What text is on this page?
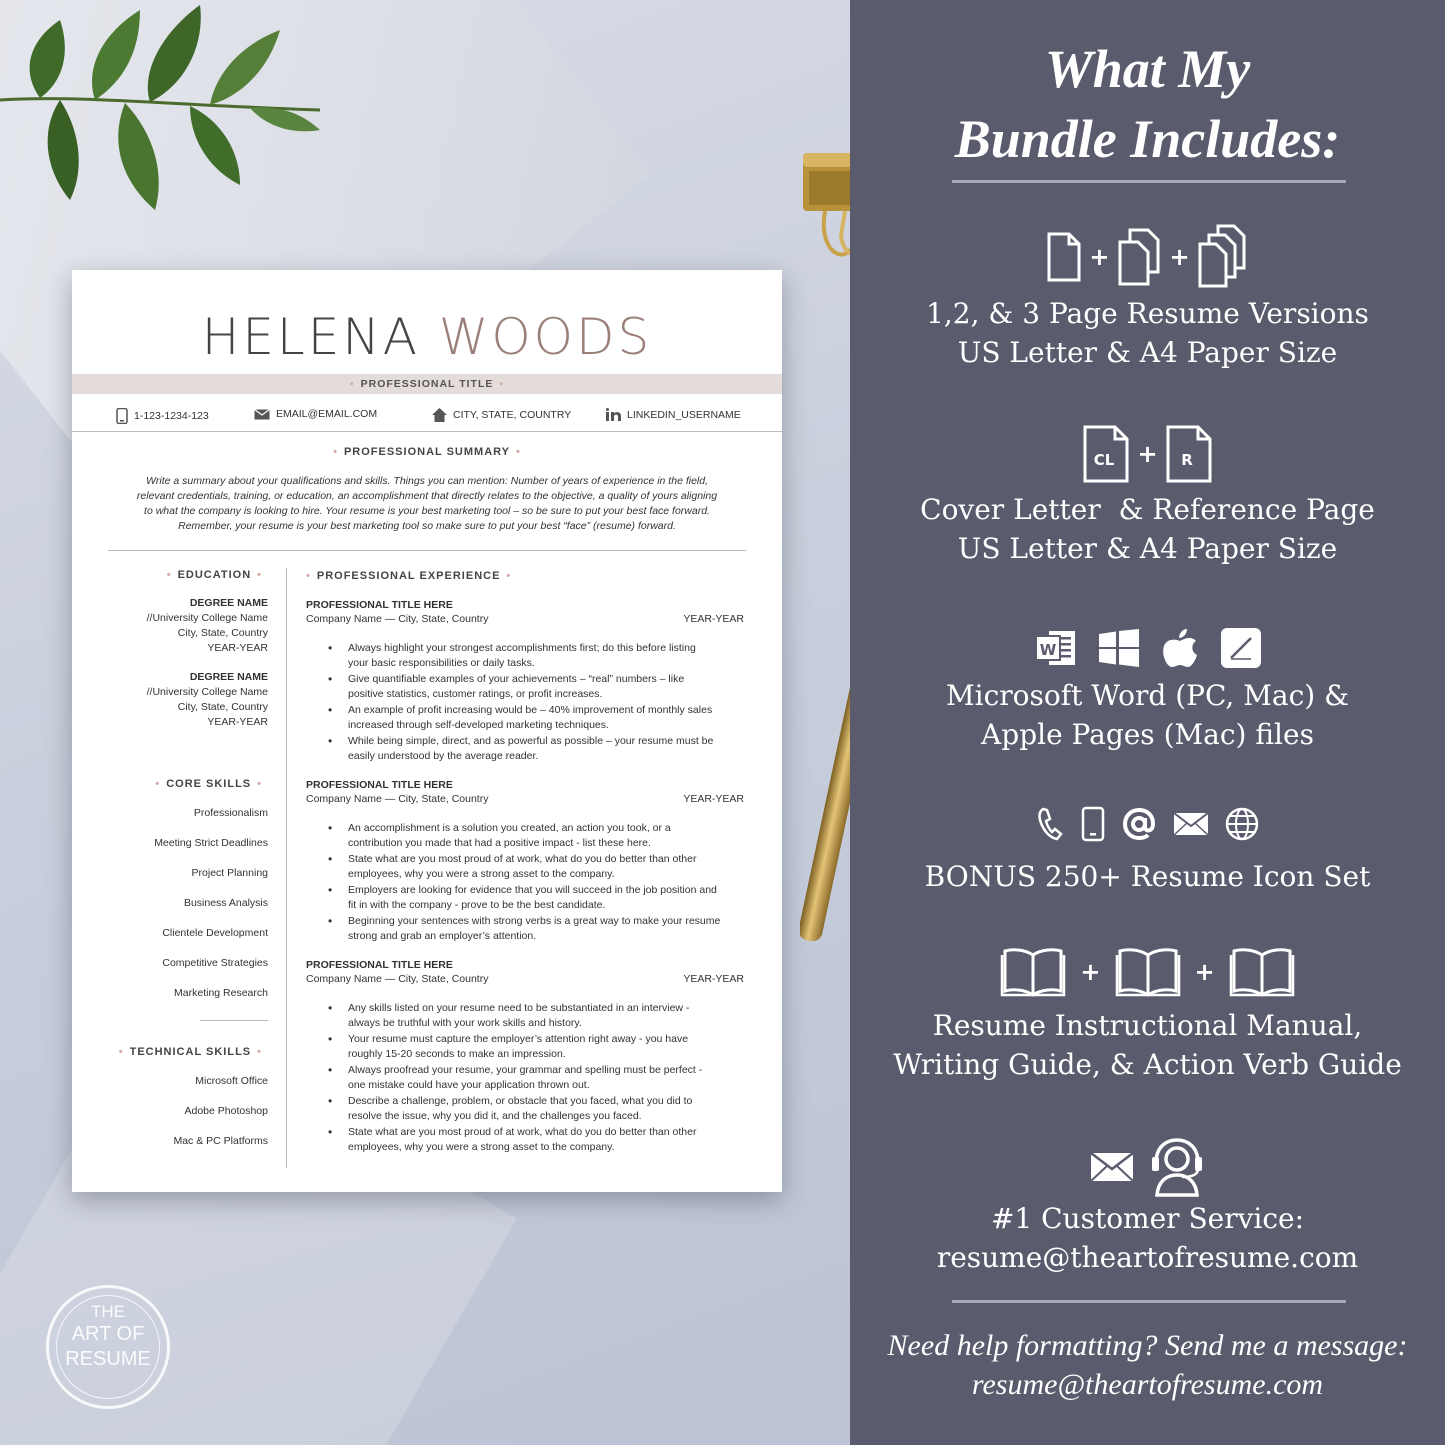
HELENA WOODS
• PROFESSIONAL TITLE •
1-123-1234-123	EMAIL@EMAIL.COM	CITY, STATE, COUNTRY	LINKEDIN_USERNAME
• PROFESSIONAL SUMMARY •
Write a summary about your qualifications and skills. Things you can mention: Number of years of experience in the field,
relevant credentials, training, or education, an accomplishment that directly relates to the objective, a quality of yours aligning
to what the company is looking to hire. Your resume is your best marketing tool – so be sure to put your best face forward.
Remember, your resume is your best marketing tool so make sure to put your best “face” (resume) forward.
• EDUCATION •
DEGREE NAME
//University College Name
City, State, Country
YEAR-YEAR
DEGREE NAME
//University College Name
City, State, Country
YEAR-YEAR
• CORE SKILLS •
Professionalism
Meeting Strict Deadlines
Project Planning
Business Analysis
Clientele Development
Competitive Strategies
Marketing Research
• TECHNICAL SKILLS •
Microsoft Office
Adobe Photoshop
Mac & PC Platforms
• PROFESSIONAL EXPERIENCE •
PROFESSIONAL TITLE HERE
Company Name — City, State, Country	YEAR-YEAR
• Always highlight your strongest accomplishments first; do this before listing
your basic responsibilities or daily tasks.
• Give quantifiable examples of your achievements – “real” numbers – like
positive statistics, customer ratings, or profit increases.
• An example of profit increasing would be – 40% improvement of monthly sales
increased through self-developed marketing techniques.
• While being simple, direct, and as powerful as possible – your resume must be
easily understood by the average reader.
PROFESSIONAL TITLE HERE
Company Name — City, State, Country	YEAR-YEAR
• An accomplishment is a solution you created, an action you took, or a
contribution you made that had a positive impact - list these here.
• State what are you most proud of at work, what do you do better than other
employees, why you were a strong asset to the company.
• Employers are looking for evidence that you will succeed in the job position and
fit in with the company - prove to be the best candidate.
• Beginning your sentences with strong verbs is a great way to make your resume
strong and grab an employer’s attention.
PROFESSIONAL TITLE HERE
Company Name — City, State, Country	YEAR-YEAR
• Any skills listed on your resume need to be substantiated in an interview -
always be truthful with your work skills and history.
• Your resume must capture the employer’s attention right away - you have
roughly 15-20 seconds to make an impression.
• Always proofread your resume, your grammar and spelling must be perfect -
one mistake could have your application thrown out.
• Describe a challenge, problem, or obstacle that you faced, what you did to
resolve the issue, why you did it, and the challenges you faced.
• State what are you most proud of at work, what do you do better than other
employees, why you were a strong asset to the company.
THE
ART OF
RESUME
What My
Bundle Includes:
+	+
1,2, & 3 Page Resume Versions
US Letter & A4 Paper Size
CL + R
Cover Letter  & Reference Page
US Letter & A4 Paper Size
W
Microsoft Word (PC, Mac) &
Apple Pages (Mac) files
BONUS 250+ Resume Icon Set
+	+
Resume Instructional Manual,
Writing Guide, & Action Verb Guide
#1 Customer Service:
resume@theartofresume.com
Need help formatting? Send me a message:
resume@theartofresume.com
